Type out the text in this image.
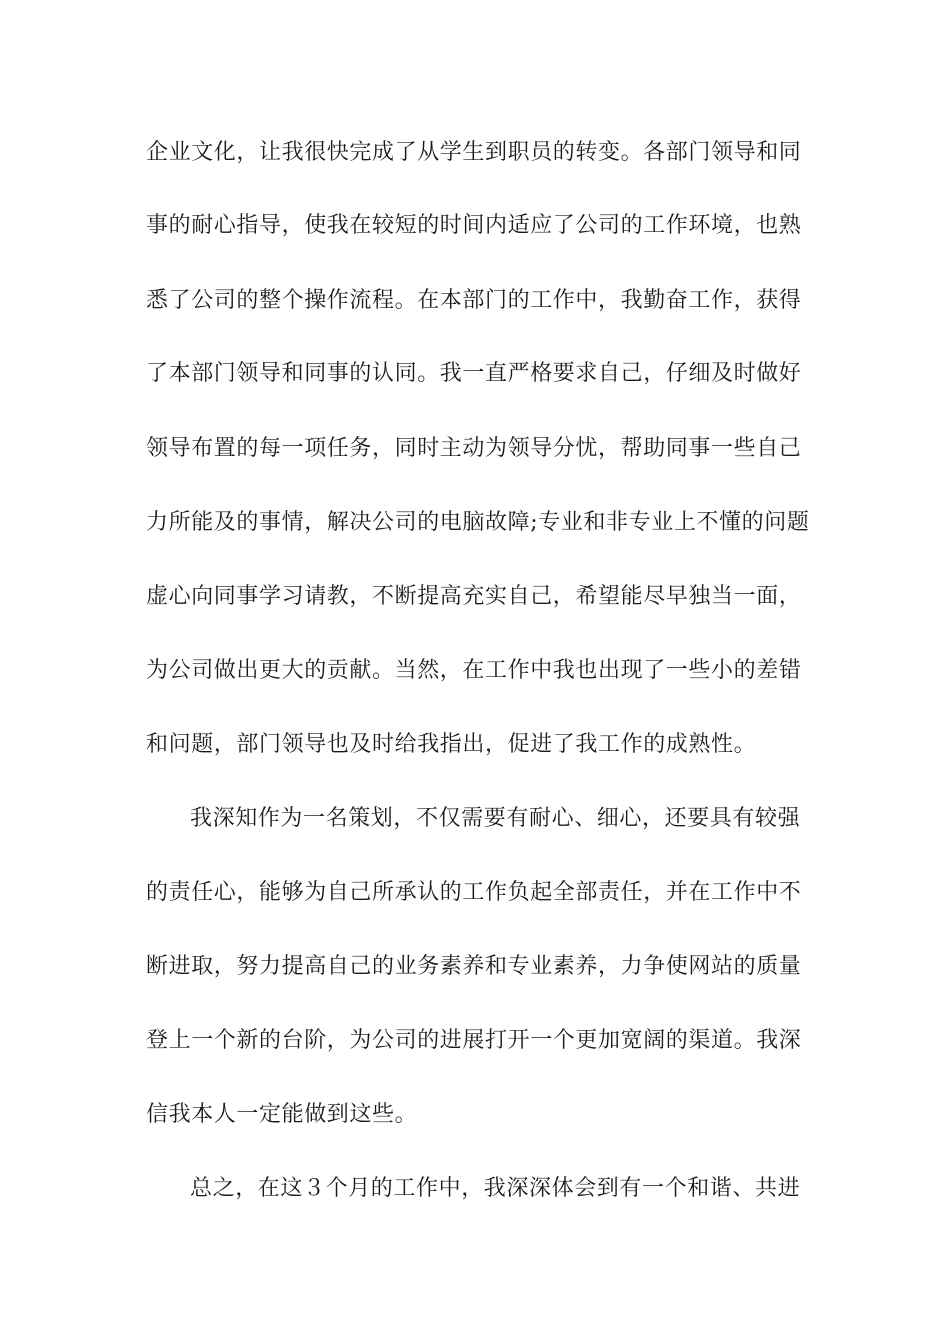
企业文化，让我很快完成了从学生到职员的转变。各部门领导和同
事的耐心指导，使我在较短的时间内适应了公司的工作环境，也熟
悉了公司的整个操作流程。在本部门的工作中，我勤奋工作，获得
了本部门领导和同事的认同。我一直严格要求自己，仔细及时做好
领导布置的每一项任务，同时主动为领导分忧，帮助同事一些自己
力所能及的事情，解决公司的电脑故障;专业和非专业上不懂的问题
虚心向同事学习请教，不断提高充实自己，希望能尽早独当一面，
为公司做出更大的贡献。当然，在工作中我也出现了一些小的差错
和问题，部门领导也及时给我指出，促进了我工作的成熟性。
我深知作为一名策划，不仅需要有耐心、细心，还要具有较强
的责任心，能够为自己所承认的工作负起全部责任，并在工作中不
断进取，努力提高自己的业务素养和专业素养，力争使网站的质量
登上一个新的台阶，为公司的进展打开一个更加宽阔的渠道。我深
信我本人一定能做到这些。
总之，在这３个月的工作中，我深深体会到有一个和谐、共进
